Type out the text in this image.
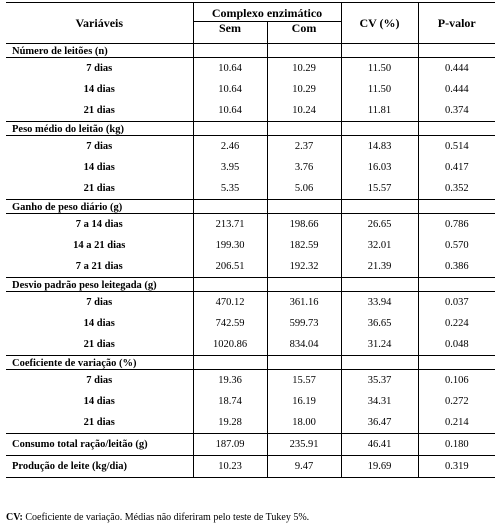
Variáveis	Complexo enzimático		CV (%)	P-valor
	Sem	Com		
Número de leitões (n)				
7 dias	10.64	10.29	11.50	0.444
14 dias	10.64	10.29	11.50	0.444
21 dias	10.64	10.24	11.81	0.374
Peso médio do leitão (kg)				
7 dias	2.46	2.37	14.83	0.514
14 dias	3.95	3.76	16.03	0.417
21 dias	5.35	5.06	15.57	0.352
Ganho de peso diário (g)				
7 a 14 dias	213.71	198.66	26.65	0.786
14 a 21 dias	199.30	182.59	32.01	0.570
7 a 21 dias	206.51	192.32	21.39	0.386
Desvio padrão peso leitegada (g)				
7 dias	470.12	361.16	33.94	0.037
14 dias	742.59	599.73	36.65	0.224
21 dias	1020.86	834.04	31.24	0.048
Coeficiente de variação (%)				
7 dias	19.36	15.57	35.37	0.106
14 dias	18.74	16.19	34.31	0.272
21 dias	19.28	18.00	36.47	0.214
Consumo total ração/leitão (g)	187.09	235.91	46.41	0.180
Produção de leite (kg/dia)	10.23	9.47	19.69	0.319
CV: Coeficiente de variação. Médias não diferiram pelo teste de Tukey 5%.
